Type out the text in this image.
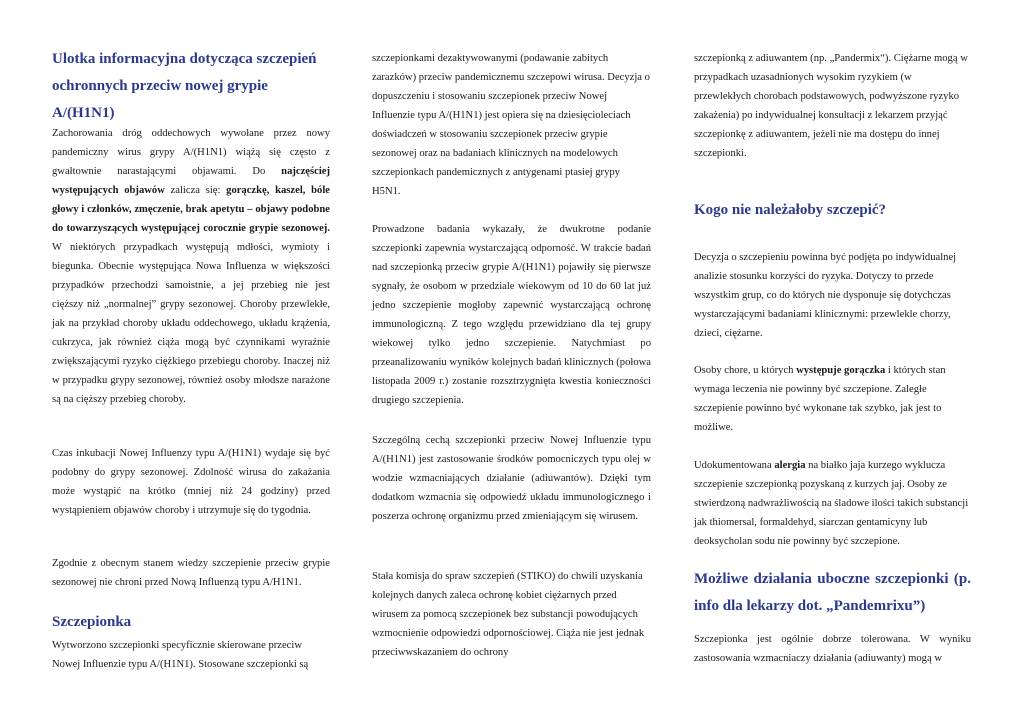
Ulotka informacyjna dotycząca szczepień ochronnych przeciw nowej grypie A/(H1N1)

Zachorowania dróg oddechowych wywołane przez nowy pandemiczny wirus grypy A/(H1N1) wiążą się często z gwałtownie narastającymi objawami. Do najczęściej występujących objawów zalicza się: gorączkę, kaszel, bóle głowy i członków, zmęczenie, brak apetytu – objawy podobne do towarzyszących występującej corocznie grypie sezonowej. W niektórych przypadkach występują mdłości, wymioty i biegunka. Obecnie występująca Nowa Influenza w większości przypadków przechodzi samoistnie, a jej przebieg nie jest cięższy niż „normalnej” grypy sezonowej. Choroby przewlekłe, jak na przykład choroby układu oddechowego, układu krążenia, cukrzyca, jak również ciąża mogą być czynnikami wyraźnie zwiększającymi ryzyko ciężkiego przebiegu choroby. Inaczej niż w przypadku grypy sezonowej, również osoby młodsze narażone są na cięższy przebieg choroby.

Czas inkubacji Nowej Influenzy typu A/(H1N1) wydaje się być podobny do grypy sezonowej. Zdolność wirusa do zakażania może wystąpić na krótko (mniej niż 24 godziny) przed wystąpieniem objawów choroby i utrzymuje się do tygodnia.

Zgodnie z obecnym stanem wiedzy szczepienie przeciw grypie sezonowej nie chroni przed Nową Influenzą typu A/H1N1.

Szczepionka

Wytworzono szczepionki specyficznie skierowane przeciw Nowej Influenzie typu A/(H1N1). Stosowane szczepionki są

szczepionkami dezaktywowanymi (podawanie zabitych zarazków) przeciw pandemicznemu szczepowi wirusa. Decyzja o dopuszczeniu i stosowaniu szczepionek przeciw Nowej Influenzie typu A/(H1N1) jest opiera się na dziesięcioleciach doświadczeń w stosowaniu szczepionek przeciw grypie sezonowej oraz na badaniach klinicznych na modelowych szczepionkach pandemicznych z antygenami ptasiej grypy H5N1.

Prowadzone badania wykazały, że dwukrotne podanie szczepionki zapewnia wystarczającą odporność. W trakcie badań nad szczepionką przeciw grypie A/(H1N1) pojawiły się pierwsze sygnały, że osobom w przedziale wiekowym od 10 do 60 lat już jedno szczepienie mogłoby zapewnić wystarczającą ochronę immunologiczną. Z tego względu przewidziano dla tej grupy wiekowej tylko jedno szczepienie. Natychmiast po przeanalizowaniu wyników kolejnych badań klinicznych (połowa listopada 2009 r.) zostanie rozsztrzygnięta kwestia konieczności drugiego szczepienia.

Szczególną cechą szczepionki przeciw Nowej Influenzie typu A/(H1N1) jest zastosowanie środków pomocniczych typu olej w wodzie wzmacniających działanie (adiuwantów). Dzięki tym dodatkom wzmacnia się odpowiedź układu immunologicznego i poszerza ochronę organizmu przed zmieniającym się wirusem.

Stała komisja do spraw szczepień (STIKO) do chwili uzyskania kolejnych danych zaleca ochronę kobiet ciężarnych przed wirusem za pomocą szczepionek bez substancji powodujących wzmocnienie odpowiedzi odpornościowej. Ciąża nie jest jednak przeciwwskazaniem do ochrony

szczepionką z adiuwantem (np. „Pandermix“). Ciężarne mogą w przypadkach uzasadnionych wysokim ryzykiem (w przewlekłych chorobach podstawowych, podwyższone ryzyko zakażenia) po indywidualnej konsultacji z lekarzem przyjąć szczepionkę z adiuwantem, jeżeli nie ma dostępu do innej szczepionki.

Kogo nie należałoby szczepić?

Decyzja o szczepieniu powinna być podjęta po indywidualnej analizie stosunku korzyści do ryzyka. Dotyczy to przede wszystkim grup, co do których nie dysponuje się dotychczas wystarczającymi badaniami klinicznymi: przewlekle chorzy, dzieci, ciężarne.

Osoby chore, u których występuje gorączka i których stan wymaga leczenia nie powinny być szczepione. Zaległe szczepienie powinno być wykonane tak szybko, jak jest to możliwe.

Udokumentowana alergia na białko jaja kurzego wyklucza szczepienie szczepionką pozyskaną z kurzych jaj. Osoby ze stwierdzoną nadwrażliwością na śladowe ilości takich substancji jak thiomersal, formaldehyd, siarczan gentamicyny lub deoksycholan sodu nie powinny być szczepione.

Możliwe działania uboczne szczepionki (p. info dla lekarzy dot. „Pandemrixu”)

Szczepionka jest ogólnie dobrze tolerowana. W wyniku zastosowania wzmacniaczy działania (adiuwanty) mogą w
